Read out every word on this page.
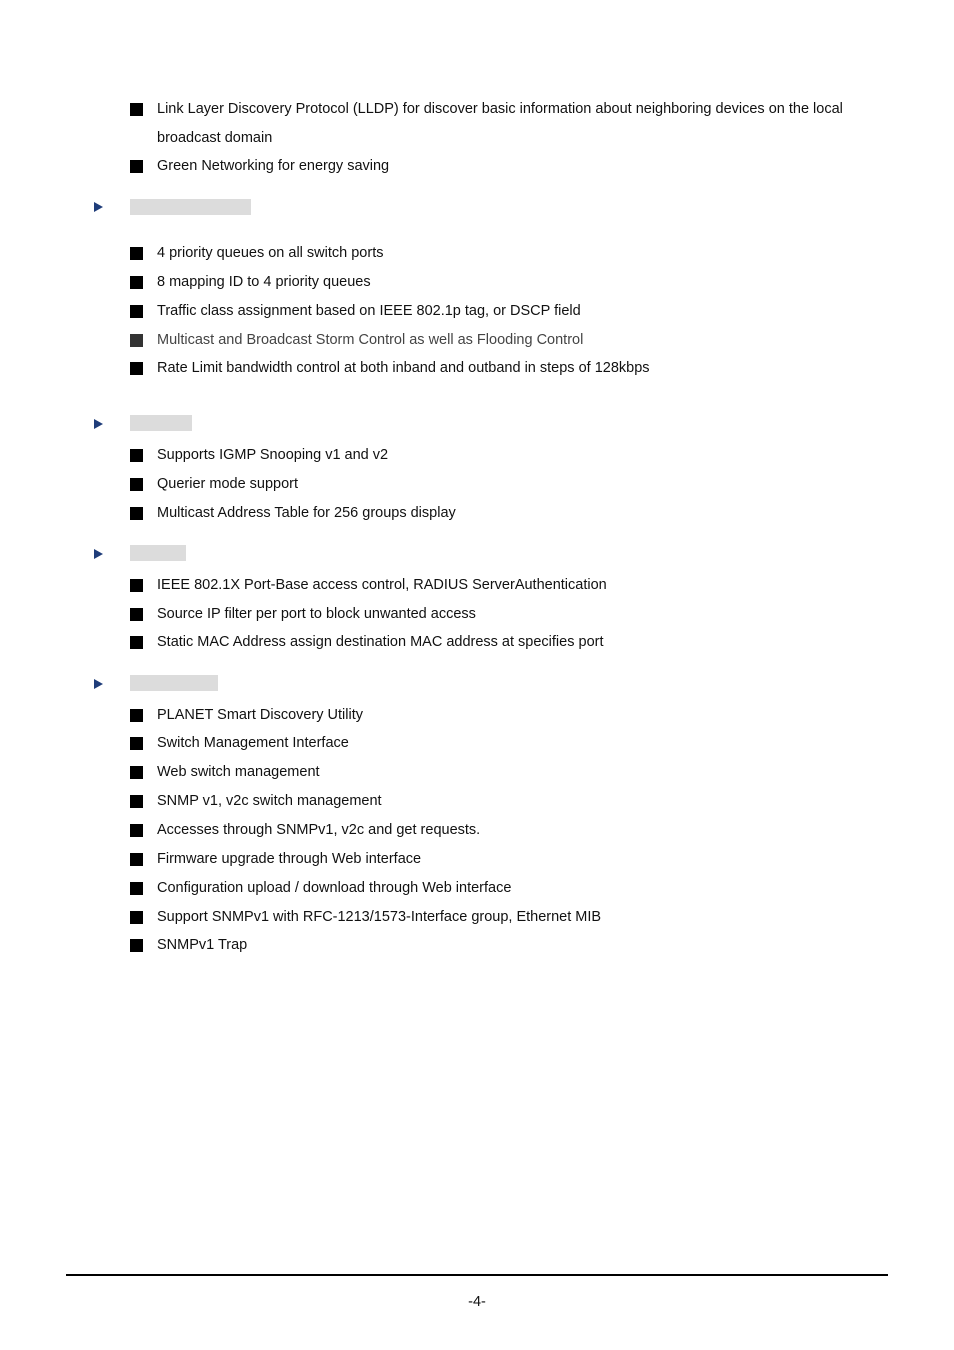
Link Layer Discovery Protocol (LLDP) for discover basic information about neighboring devices on the local broadcast domain
Green Networking for energy saving
4 priority queues on all switch ports
8 mapping ID to 4 priority queues
Traffic class assignment based on IEEE 802.1p tag, or DSCP field
Multicast and Broadcast Storm Control as well as Flooding Control
Rate Limit bandwidth control at both inband and outband in steps of 128kbps
Supports IGMP Snooping v1 and v2
Querier mode support
Multicast Address Table for 256 groups display
IEEE 802.1X Port-Base access control, RADIUS ServerAuthentication
Source IP filter per port to block unwanted access
Static MAC Address assign destination MAC address at specifies port
PLANET Smart Discovery Utility
Switch Management Interface
Web switch management
SNMP v1, v2c switch management
Accesses through SNMPv1, v2c and get requests.
Firmware upgrade through Web interface
Configuration upload / download through Web interface
Support SNMPv1 with RFC-1213/1573-Interface group, Ethernet MIB
SNMPv1 Trap
-4-
